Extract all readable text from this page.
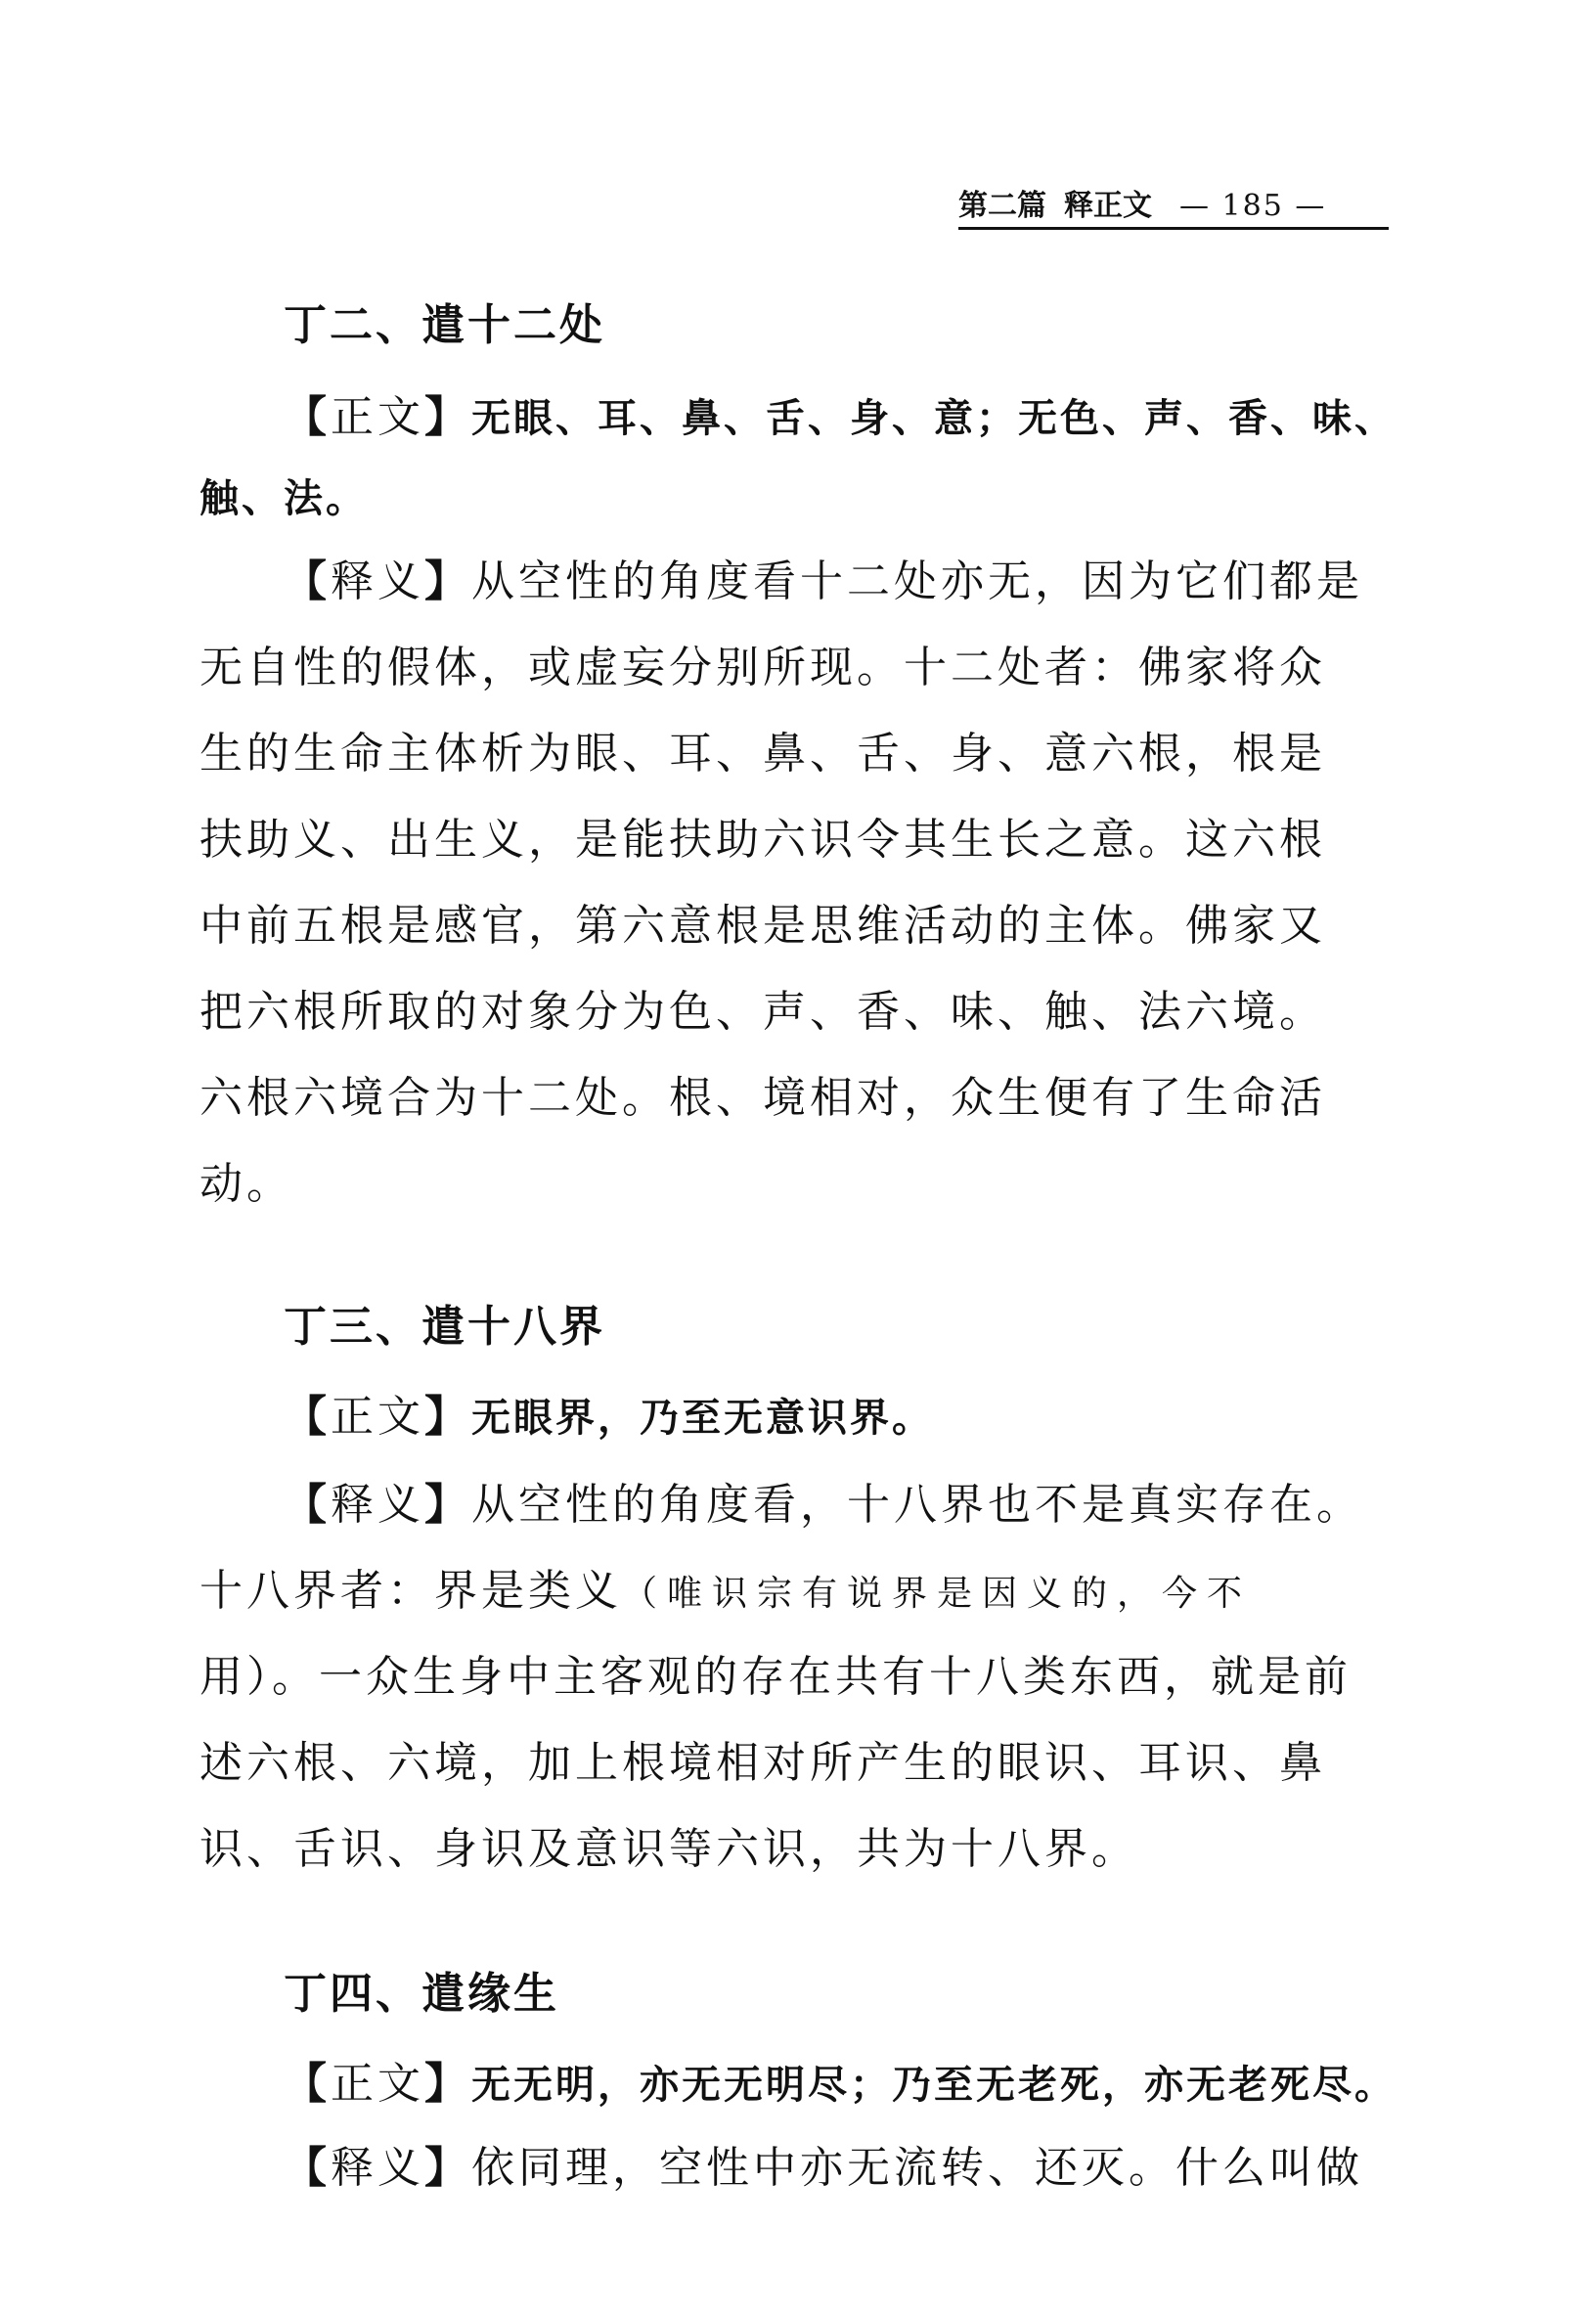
第二篇 释正文 — 185 —
丁二、遣十二处
【正文】无眼、耳、鼻、舌、身、意；无色、声、香、味、
触、法。
【释义】从空性的角度看十二处亦无，因为它们都是
无自性的假体，或虚妄分别所现。十二处者：佛家将众
生的生命主体析为眼、耳、鼻、舌、身、意六根，根是
扶助义、出生义，是能扶助六识令其生长之意。这六根
中前五根是感官，第六意根是思维活动的主体。佛家又
把六根所取的对象分为色、声、香、味、触、法六境。
六根六境合为十二处。根、境相对，众生便有了生命活
动。
丁三、遣十八界
【正文】无眼界，乃至无意识界。
【释义】从空性的角度看，十八界也不是真实存在。
十八界者：界是类义（唯识宗有说界是因义的，今不
用）。一众生身中主客观的存在共有十八类东西，就是前
述六根、六境，加上根境相对所产生的眼识、耳识、鼻
识、舌识、身识及意识等六识，共为十八界。
丁四、遣缘生
【正文】无无明，亦无无明尽；乃至无老死，亦无老死尽。
【释义】依同理，空性中亦无流转、还灭。什么叫做
